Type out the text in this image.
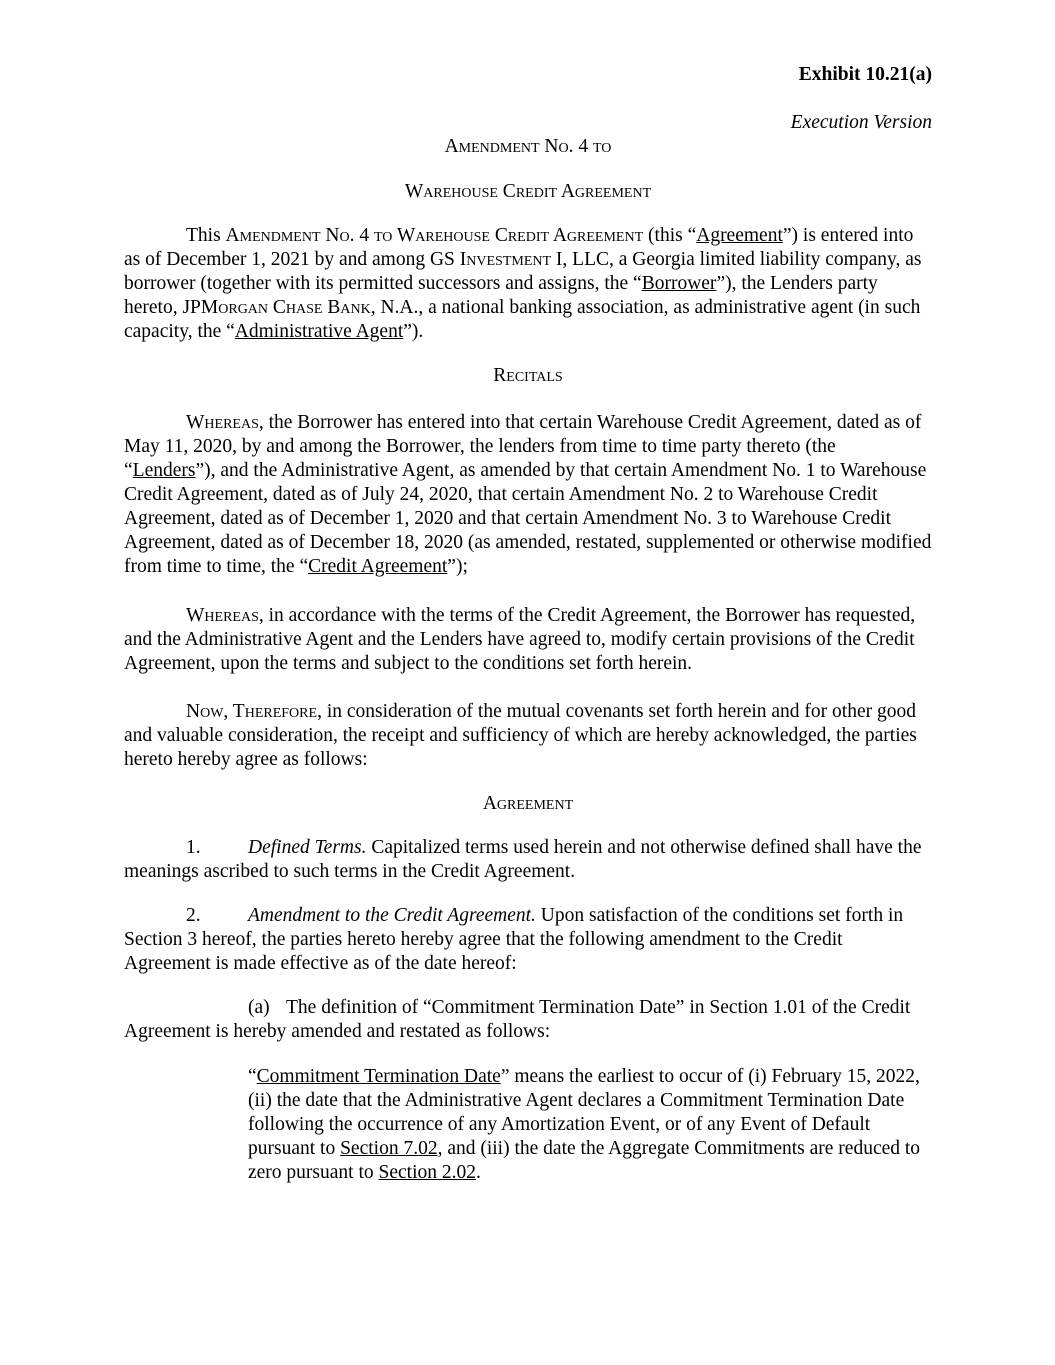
Exhibit 10.21(a)

Execution Version

Amendment No. 4 to

Warehouse Credit Agreement

This Amendment No. 4 to Warehouse Credit Agreement (this “Agreement”) is entered into as of December 1, 2021 by and among GS Investment I, LLC, a Georgia limited liability company, as borrower (together with its permitted successors and assigns, the “Borrower”), the Lenders party hereto, JPMorgan Chase Bank, N.A., a national banking association, as administrative agent (in such capacity, the “Administrative Agent”).

Recitals

Whereas, the Borrower has entered into that certain Warehouse Credit Agreement, dated as of May 11, 2020, by and among the Borrower, the lenders from time to time party thereto (the “Lenders”), and the Administrative Agent, as amended by that certain Amendment No. 1 to Warehouse Credit Agreement, dated as of July 24, 2020, that certain Amendment No. 2 to Warehouse Credit Agreement, dated as of December 1, 2020 and that certain Amendment No. 3 to Warehouse Credit Agreement, dated as of December 18, 2020 (as amended, restated, supplemented or otherwise modified from time to time, the “Credit Agreement”);

Whereas, in accordance with the terms of the Credit Agreement, the Borrower has requested, and the Administrative Agent and the Lenders have agreed to, modify certain provisions of the Credit Agreement, upon the terms and subject to the conditions set forth herein.

Now, Therefore, in consideration of the mutual covenants set forth herein and for other good and valuable consideration, the receipt and sufficiency of which are hereby acknowledged, the parties hereto hereby agree as follows:

Agreement

1. Defined Terms. Capitalized terms used herein and not otherwise defined shall have the meanings ascribed to such terms in the Credit Agreement.

2. Amendment to the Credit Agreement. Upon satisfaction of the conditions set forth in Section 3 hereof, the parties hereto hereby agree that the following amendment to the Credit Agreement is made effective as of the date hereof:

(a) The definition of “Commitment Termination Date” in Section 1.01 of the Credit Agreement is hereby amended and restated as follows:

“Commitment Termination Date” means the earliest to occur of (i) February 15, 2022, (ii) the date that the Administrative Agent declares a Commitment Termination Date following the occurrence of any Amortization Event, or of any Event of Default pursuant to Section 7.02, and (iii) the date the Aggregate Commitments are reduced to zero pursuant to Section 2.02.
